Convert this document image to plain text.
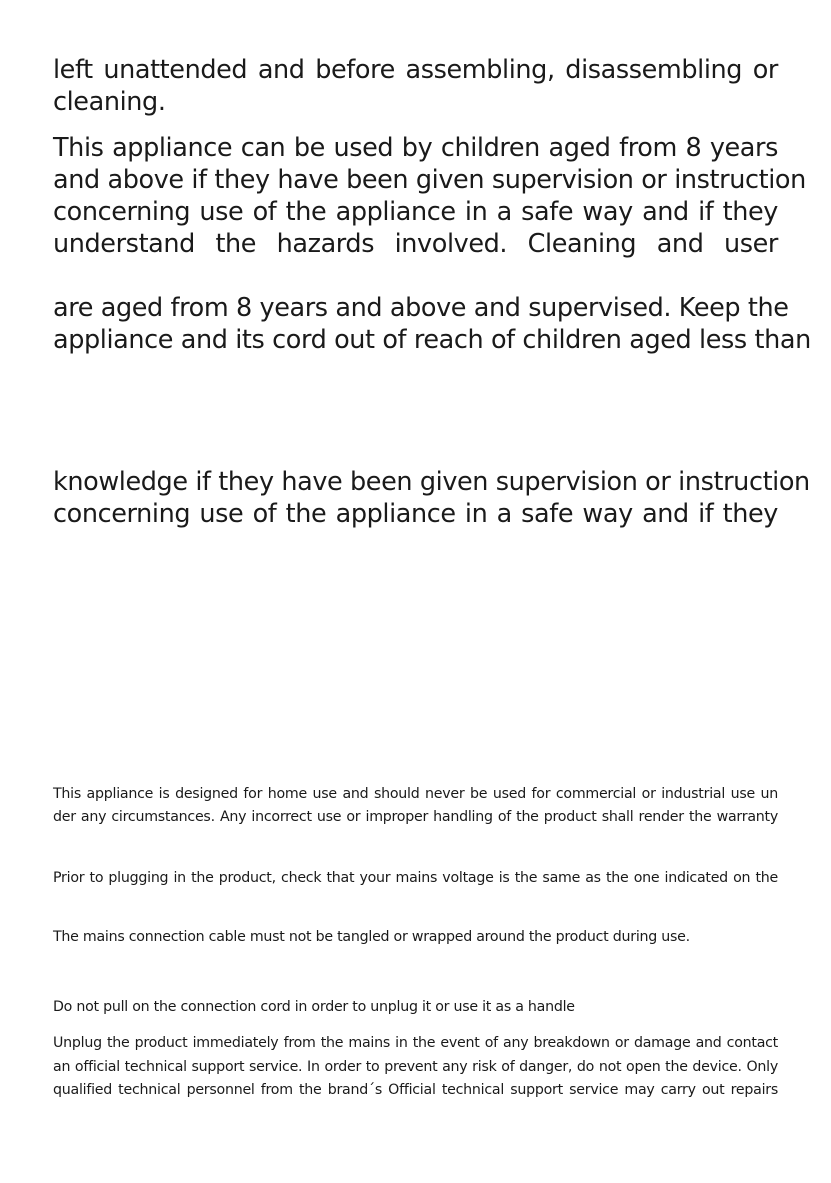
left unattended and before assembling, disassembling or

cleaning.

This appliance can be used by children aged from 8 years

and above if they have been given supervision or instruction

concerning use of the appliance in a safe way and if they

understand the hazards involved. Cleaning and user

are aged from 8 years and above and supervised. Keep the

appliance and its cord out of reach of children aged less than

knowledge if they have been given supervision or instruction

concerning use of the appliance in a safe way and if they

This appliance is designed for home use and should never be used for commercial or industrial use un

der any circumstances. Any incorrect use or improper handling of the product shall render the warranty

Prior to plugging in the product, check that your mains voltage is the same as the one indicated on the

The mains connection cable must not be tangled or wrapped around the product during use.

Do not pull on the connection cord in order to unplug it or use it as a handle

Unplug the product immediately from the mains in the event of any breakdown or damage and contact

an official technical support service. In order to prevent any risk of danger, do not open the device. Only

qualified technical personnel from the brand´s Official technical support service may carry out repairs
